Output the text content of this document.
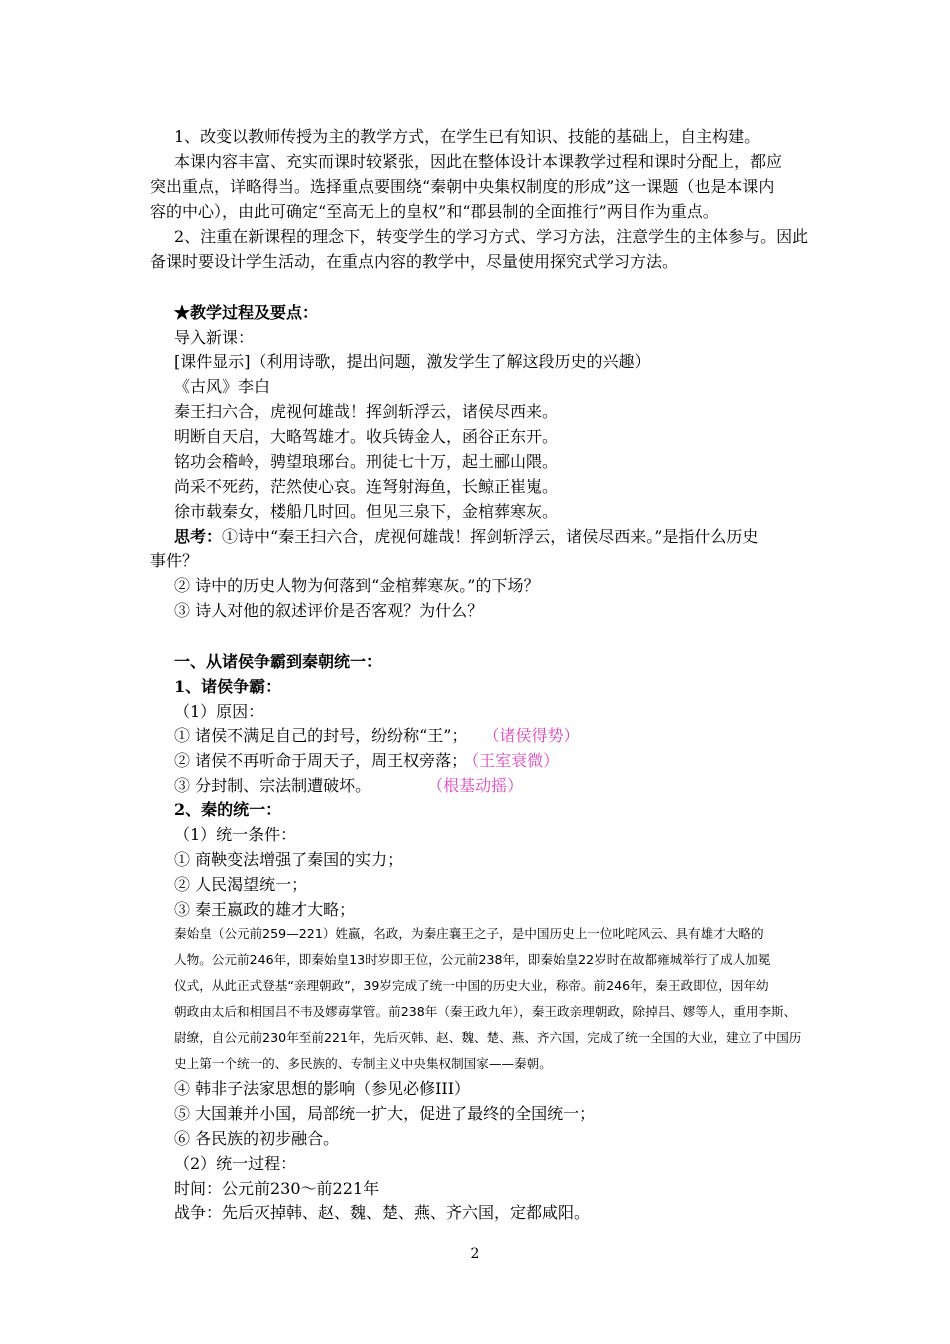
1、改变以教师传授为主的教学方式，在学生已有知识、技能的基础上，自主构建。
本课内容丰富、充实而课时较紧张，因此在整体设计本课教学过程和课时分配上，都应
突出重点，详略得当。选择重点要围绕“秦朝中央集权制度的形成”这一课题（也是本课内
容的中心），由此可确定“至高无上的皇权”和“郡县制的全面推行”两目作为重点。
2、注重在新课程的理念下，转变学生的学习方式、学习方法，注意学生的主体参与。因此
备课时要设计学生活动，在重点内容的教学中，尽量使用探究式学习方法。
★教学过程及要点：
导入新课：
[课件显示]（利用诗歌，提出问题，激发学生了解这段历史的兴趣）
《古风》李白
秦王扫六合，虎视何雄哉！挥剑斩浮云，诸侯尽西来。
明断自天启，大略驾雄才。收兵铸金人，函谷正东开。
铭功会稽岭，骋望琅琊台。刑徒七十万，起土郦山隈。
尚采不死药，茫然使心哀。连弩射海鱼，长鲸正崔嵬。
徐市载秦女，楼船几时回。但见三泉下，金棺葬寒灰。
思考：①诗中“秦王扫六合，虎视何雄哉！挥剑斩浮云，诸侯尽西来。”是指什么历史
事件？
② 诗中的历史人物为何落到“金棺葬寒灰。”的下场？
③ 诗人对他的叙述评价是否客观？为什么？
一、从诸侯争霸到秦朝统一：
1、诸侯争霸：
（1）原因：
① 诸侯不满足自己的封号，纷纷称“王”； （诸侯得势）
② 诸侯不再听命于周天子，周王权旁落； （王室衰微）
③ 分封制、宗法制遭破坏。	（根基动摇）
2、秦的统一：
（1）统一条件：
① 商鞅变法增强了秦国的实力；
② 人民渴望统一；
③ 秦王嬴政的雄才大略；
秦始皇（公元前259—221）姓嬴，名政，为秦庄襄王之子，是中国历史上一位叱咤风云、具有雄才大略的
人物。公元前246年，即秦始皇13时岁即王位，公元前238年，即秦始皇22岁时在故都雍城举行了成人加冕
仪式，从此正式登基“亲理朝政”，39岁完成了统一中国的历史大业，称帝。前246年，秦王政即位，因年幼
朝政由太后和相国吕不韦及嫪毐掌管。前238年（秦王政九年），秦王政亲理朝政，除掉吕、嫪等人，重用李斯、
尉缭，自公元前230年至前221年，先后灭韩、赵、魏、楚、燕、齐六国，完成了统一全国的大业，建立了中国历
史上第一个统一的、多民族的、专制主义中央集权制国家——秦朝。
④ 韩非子法家思想的影响（参见必修III）
⑤ 大国兼并小国，局部统一扩大，促进了最终的全国统一；
⑥ 各民族的初步融合。
（2）统一过程：
时间：公元前230～前221年
战争：先后灭掉韩、赵、魏、楚、燕、齐六国，定都咸阳。
2
